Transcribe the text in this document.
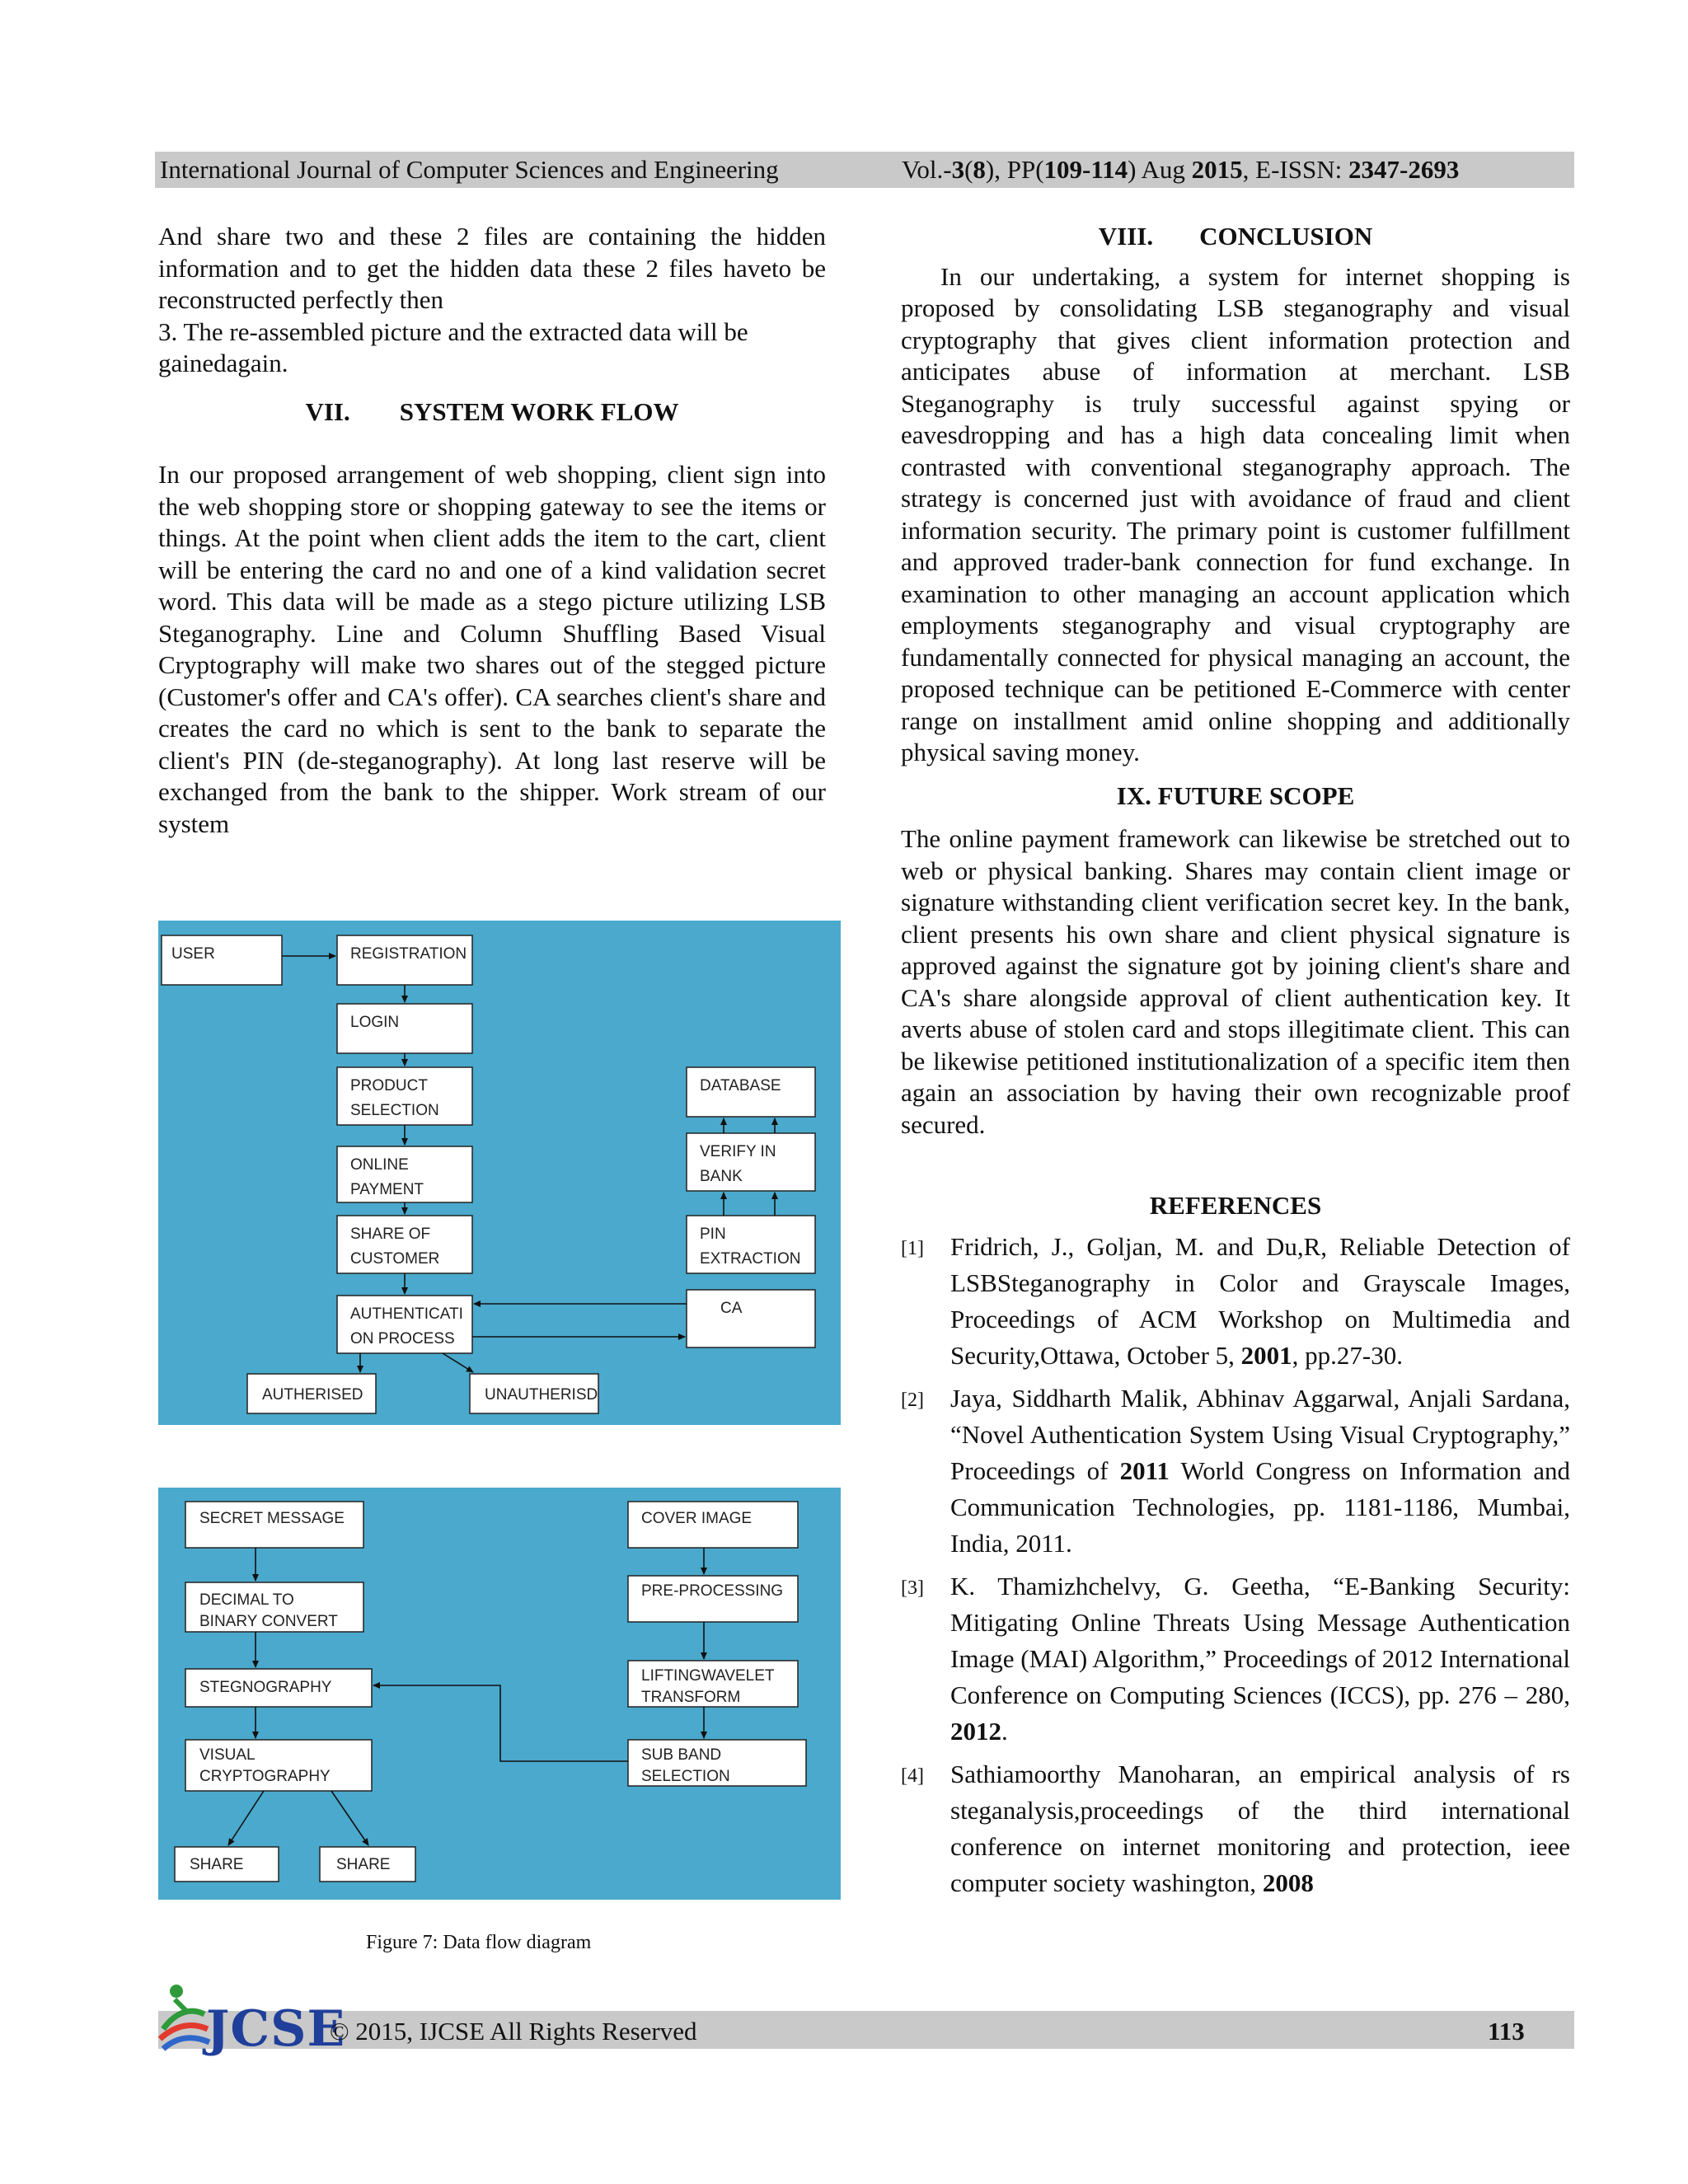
International Journal of Computer Sciences and Engineering	Vol.-3(8), PP(109-114) Aug 2015, E-ISSN: 2347-2693

And share two and these 2 files are containing the hidden information and to get the hidden data these 2 files haveto be reconstructed perfectly then

3. The re-assembled picture and the extracted data will be gainedagain.

VII. SYSTEM WORK FLOW

In our proposed arrangement of web shopping, client sign into the web shopping store or shopping gateway to see the items or things. At the point when client adds the item to the cart, client will be entering the card no and one of a kind validation secret word. This data will be made as a stego picture utilizing LSB Steganography. Line and Column Shuffling Based Visual Cryptography will make two shares out of the stegged picture (Customer's offer and CA's offer). CA searches client's share and creates the card no which is sent to the bank to separate the client's PIN (de-steganography). At long last reserve will be exchanged from the bank to the shipper. Work stream of our system

USER	REGISTRATION
LOGIN
PRODUCT
SELECTION
ONLINE
PAYMENT
SHARE OF
CUSTOMER
AUTHENTICATI
ON PROCESS
AUTHERISED	UNAUTHERISD
DATABASE
VERIFY IN
BANK
PIN
EXTRACTION
CA
SECRET MESSAGE
DECIMAL TO
BINARY CONVERT
STEGNOGRAPHY
VISUAL
CRYPTOGRAPHY
SHARE	SHARE
COVER IMAGE
PRE-PROCESSING
LIFTINGWAVELET
TRANSFORM
SUB BAND
SELECTION
Figure 7: Data flow diagram

VIII. CONCLUSION

In our undertaking, a system for internet shopping is proposed by consolidating LSB steganography and visual cryptography that gives client information protection and anticipates abuse of information at merchant. LSB Steganography is truly successful against spying or eavesdropping and has a high data concealing limit when contrasted with conventional steganography approach. The strategy is concerned just with avoidance of fraud and client information security. The primary point is customer fulfillment and approved trader-bank connection for fund exchange. In examination to other managing an account application which employments steganography and visual cryptography are fundamentally connected for physical managing an account, the proposed technique can be petitioned E-Commerce with center range on installment amid online shopping and additionally physical saving money.

IX. FUTURE SCOPE

The online payment framework can likewise be stretched out to web or physical banking. Shares may contain client image or signature withstanding client verification secret key. In the bank, client presents his own share and client physical signature is approved against the signature got by joining client's share and CA's share alongside approval of client authentication key. It averts abuse of stolen card and stops illegitimate client. This can be likewise petitioned institutionalization of a specific item then again an association by having their own recognizable proof secured.

REFERENCES

[1] Fridrich, J., Goljan, M. and Du,R, Reliable Detection of LSBSteganography in Color and Grayscale Images, Proceedings of ACM Workshop on Multimedia and Security,Ottawa, October 5, 2001, pp.27-30.
[2] Jaya, Siddharth Malik, Abhinav Aggarwal, Anjali Sardana, “Novel Authentication System Using Visual Cryptography,” Proceedings of 2011 World Congress on Information and Communication Technologies, pp. 1181-1186, Mumbai, India, 2011.
[3] K. Thamizhchelvy, G. Geetha, “E-Banking Security: Mitigating Online Threats Using Message Authentication Image (MAI) Algorithm,” Proceedings of 2012 International Conference on Computing Sciences (ICCS), pp. 276 – 280, 2012.
[4] Sathiamoorthy Manoharan, an empirical analysis of rs steganalysis,proceedings of the third international conference on internet monitoring and protection, ieee computer society washington, 2008
JCSE
© 2015, IJCSE All Rights Reserved	113
